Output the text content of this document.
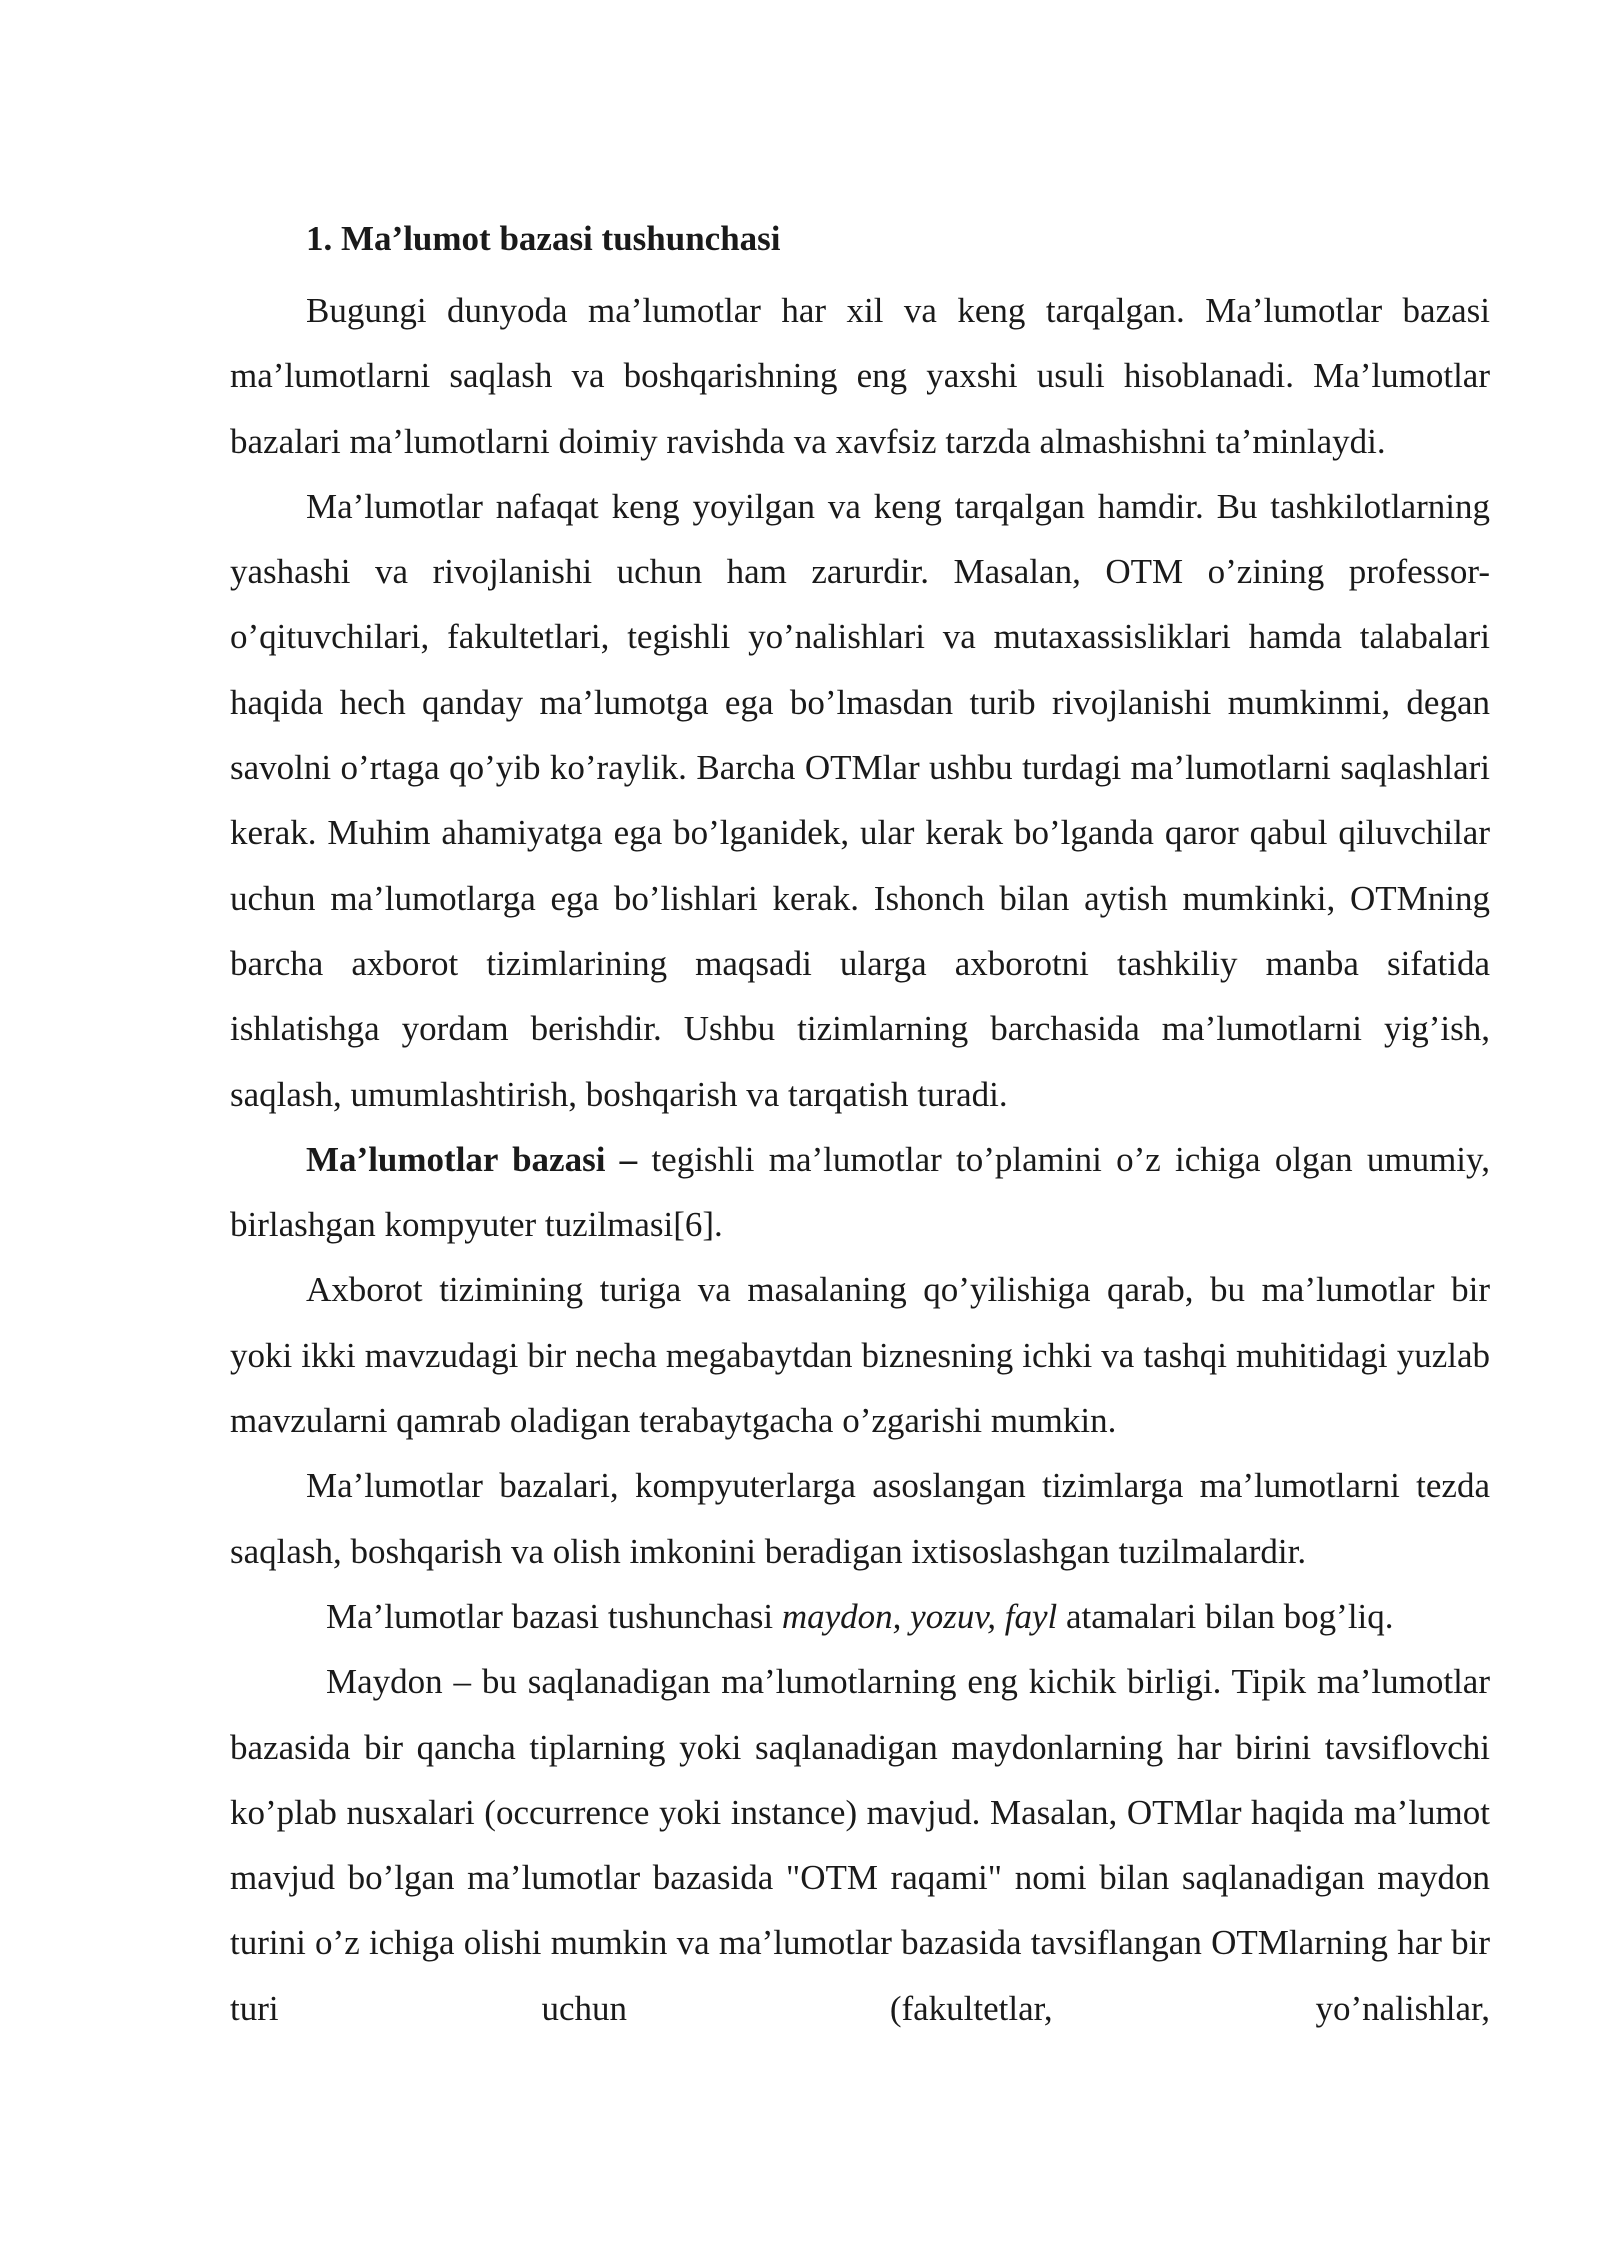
1. Ma’lumot bazasi tushunchasi

Bugungi dunyoda ma’lumotlar har xil va keng tarqalgan. Ma’lumotlar bazasi ma’lumotlarni saqlash va boshqarishning eng yaxshi usuli hisoblanadi. Ma’lumotlar bazalari ma’lumotlarni doimiy ravishda va xavfsiz tarzda almashishni ta’minlaydi.

Ma’lumotlar nafaqat keng yoyilgan va keng tarqalgan hamdir. Bu tashkilotlarning yashashi va rivojlanishi uchun ham zarurdir. Masalan, OTM o’zining professor-o’qituvchilari, fakultetlari, tegishli yo’nalishlari va mutaxassisliklari hamda talabalari haqida hech qanday ma’lumotga ega bo’lmasdan turib rivojlanishi mumkinmi, degan savolni o’rtaga qo’yib ko’raylik. Barcha OTMlar ushbu turdagi ma’lumotlarni saqlashlari kerak. Muhim ahamiyatga ega bo’lganidek, ular kerak bo’lganda qaror qabul qiluvchilar uchun ma’lumotlarga ega bo’lishlari kerak. Ishonch bilan aytish mumkinki, OTMning barcha axborot tizimlarining maqsadi ularga axborotni tashkiliy manba sifatida ishlatishga yordam berishdir. Ushbu tizimlarning barchasida ma’lumotlarni yig’ish, saqlash, umumlashtirish, boshqarish va tarqatish turadi.

Ma’lumotlar bazasi – tegishli ma’lumotlar to’plamini o’z ichiga olgan umumiy, birlashgan kompyuter tuzilmasi[6].

Axborot tizimining turiga va masalaning qo’yilishiga qarab, bu ma’lumotlar bir yoki ikki mavzudagi bir necha megabaytdan biznesning ichki va tashqi muhitidagi yuzlab mavzularni qamrab oladigan terabaytgacha o’zgarishi mumkin.

Ma’lumotlar bazalari, kompyuterlarga asoslangan tizimlarga ma’lumotlarni tezda saqlash, boshqarish va olish imkonini beradigan ixtisoslashgan tuzilmalardir.

Ma’lumotlar bazasi tushunchasi maydon, yozuv, fayl atamalari bilan bog’liq.

Maydon – bu saqlanadigan ma’lumotlarning eng kichik birligi. Tipik ma’lumotlar bazasida bir qancha tiplarning yoki saqlanadigan maydonlarning har birini tavsiflovchi ko’plab nusxalari (occurrence yoki instance) mavjud. Masalan, OTMlar haqida ma’lumot mavjud bo’lgan ma’lumotlar bazasida "OTM raqami" nomi bilan saqlanadigan maydon turini o’z ichiga olishi mumkin va ma’lumotlar bazasida tavsiflangan OTMlarning har bir turi uchun (fakultetlar, yo’nalishlar,
